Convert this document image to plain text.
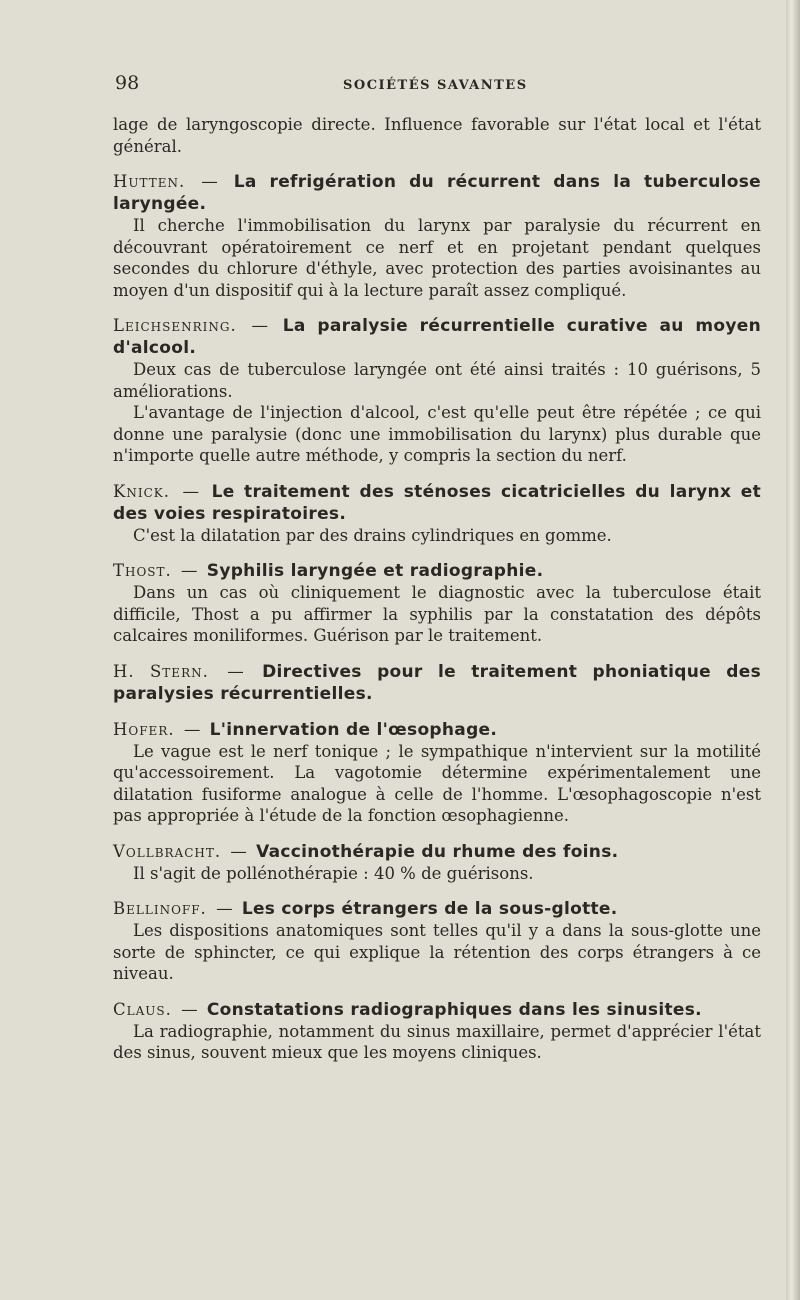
98	SOCIÉTÉS SAVANTES

lage de laryngoscopie directe. Influence favorable sur l'état local et l'état général.

Hutten. — La refrigération du récurrent dans la tuberculose laryngée.

Il cherche l'immobilisation du larynx par paralysie du récurrent en découvrant opératoirement ce nerf et en projetant pendant quelques secondes du chlorure d'éthyle, avec protection des parties avoisinantes au moyen d'un dispositif qui à la lecture paraît assez compliqué.

Leichsenring. — La paralysie récurrentielle curative au moyen d'alcool.

Deux cas de tuberculose laryngée ont été ainsi traités : 10 guérisons, 5 améliorations.

L'avantage de l'injection d'alcool, c'est qu'elle peut être répétée ; ce qui donne une paralysie (donc une immobilisation du larynx) plus durable que n'importe quelle autre méthode, y compris la section du nerf.

Knick. — Le traitement des sténoses cicatricielles du larynx et des voies respiratoires.

C'est la dilatation par des drains cylindriques en gomme.

Thost. — Syphilis laryngée et radiographie.

Dans un cas où cliniquement le diagnostic avec la tuberculose était difficile, Thost a pu affirmer la syphilis par la constatation des dépôts calcaires moniliformes. Guérison par le traitement.

H. Stern. — Directives pour le traitement phoniatique des paralysies récurrentielles.

Hofer. — L'innervation de l'œsophage.

Le vague est le nerf tonique ; le sympathique n'intervient sur la motilité qu'accessoirement. La vagotomie détermine expérimentalement une dilatation fusiforme analogue à celle de l'homme. L'œsophagoscopie n'est pas appropriée à l'étude de la fonction œsophagienne.

Vollbracht. — Vaccinothérapie du rhume des foins.

Il s'agit de pollénothérapie : 40 % de guérisons.

Bellinoff. — Les corps étrangers de la sous-glotte.

Les dispositions anatomiques sont telles qu'il y a dans la sous-glotte une sorte de sphincter, ce qui explique la rétention des corps étrangers à ce niveau.

Claus. — Constatations radiographiques dans les sinusites.

La radiographie, notamment du sinus maxillaire, permet d'apprécier l'état des sinus, souvent mieux que les moyens cliniques.
